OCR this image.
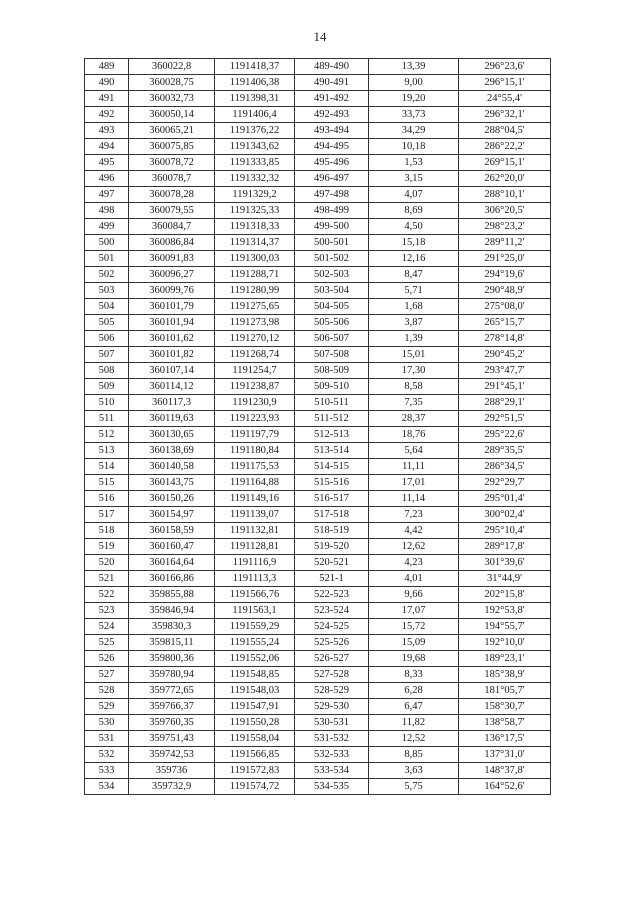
14
489	360022,8	1191418,37	489-490	13,39	296°23,6'
490	360028,75	1191406,38	490-491	9,00	296°15,1'
491	360032,73	1191398,31	491-492	19,20	24°55,4'
492	360050,14	1191406,4	492-493	33,73	296°32,1'
493	360065,21	1191376,22	493-494	34,29	288°04,5'
494	360075,85	1191343,62	494-495	10,18	286°22,2'
495	360078,72	1191333,85	495-496	1,53	269°15,1'
496	360078,7	1191332,32	496-497	3,15	262°20,0'
497	360078,28	1191329,2	497-498	4,07	288°10,1'
498	360079,55	1191325,33	498-499	8,69	306°20,5'
499	360084,7	1191318,33	499-500	4,50	298°23,2'
500	360086,84	1191314,37	500-501	15,18	289°11,2'
501	360091,83	1191300,03	501-502	12,16	291°25,0'
502	360096,27	1191288,71	502-503	8,47	294°19,6'
503	360099,76	1191280,99	503-504	5,71	290°48,9'
504	360101,79	1191275,65	504-505	1,68	275°08,0'
505	360101,94	1191273,98	505-506	3,87	265°15,7'
506	360101,62	1191270,12	506-507	1,39	278°14,8'
507	360101,82	1191268,74	507-508	15,01	290°45,2'
508	360107,14	1191254,7	508-509	17,30	293°47,7'
509	360114,12	1191238,87	509-510	8,58	291°45,1'
510	360117,3	1191230,9	510-511	7,35	288°29,1'
511	360119,63	1191223,93	511-512	28,37	292°51,5'
512	360130,65	1191197,79	512-513	18,76	295°22,6'
513	360138,69	1191180,84	513-514	5,64	289°35,5'
514	360140,58	1191175,53	514-515	11,11	286°34,5'
515	360143,75	1191164,88	515-516	17,01	292°29,7'
516	360150,26	1191149,16	516-517	11,14	295°01,4'
517	360154,97	1191139,07	517-518	7,23	300°02,4'
518	360158,59	1191132,81	518-519	4,42	295°10,4'
519	360160,47	1191128,81	519-520	12,62	289°17,8'
520	360164,64	1191116,9	520-521	4,23	301°39,6'
521	360166,86	1191113,3	521-1	4,01	31°44,9'
522	359855,88	1191566,76	522-523	9,66	202°15,8'
523	359846,94	1191563,1	523-524	17,07	192°53,8'
524	359830,3	1191559,29	524-525	15,72	194°55,7'
525	359815,11	1191555,24	525-526	15,09	192°10,0'
526	359800,36	1191552,06	526-527	19,68	189°23,1'
527	359780,94	1191548,85	527-528	8,33	185°38,9'
528	359772,65	1191548,03	528-529	6,28	181°05,7'
529	359766,37	1191547,91	529-530	6,47	158°30,7'
530	359760,35	1191550,28	530-531	11,82	138°58,7'
531	359751,43	1191558,04	531-532	12,52	136°17,5'
532	359742,53	1191566,85	532-533	8,85	137°31,0'
533	359736	1191572,83	533-534	3,63	148°37,8'
534	359732,9	1191574,72	534-535	5,75	164°52,6'
